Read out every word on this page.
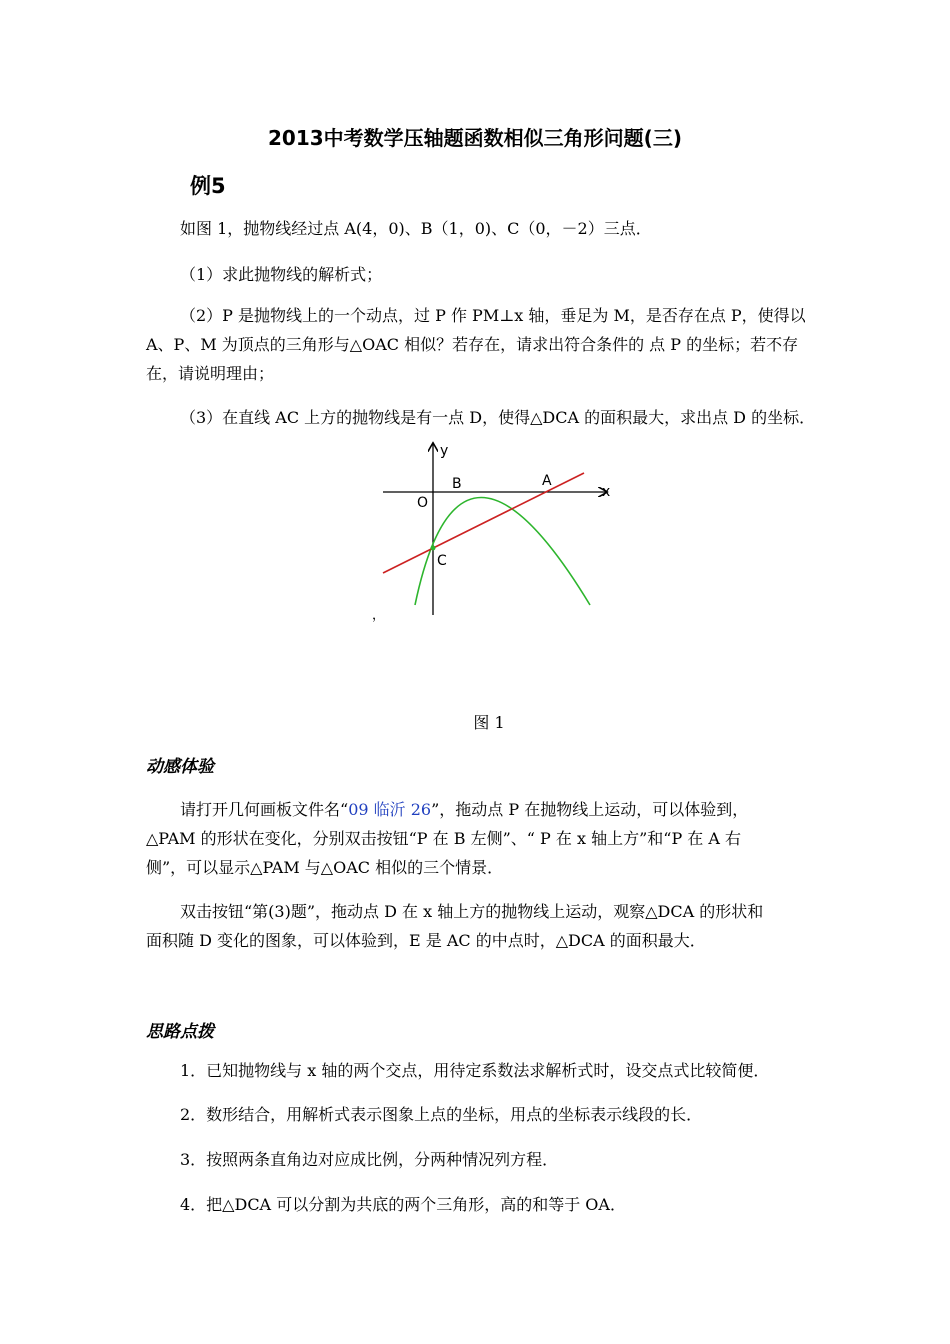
2013中考数学压轴题函数相似三角形问题(三)
例5
如图 1，抛物线经过点 A(4，0)、B（1，0)、C（0，－2）三点．
（1）求此抛物线的解析式；
（2）P 是抛物线上的一个动点，过 P 作 PM⊥x 轴，垂足为 M，是否存在点 P，使得以
A、P、M 为顶点的三角形与△OAC 相似？若存在，请求出符合条件的 点 P 的坐标；若不存
在，请说明理由；
（3）在直线 AC 上方的抛物线是有一点 D，使得△DCA 的面积最大，求出点 D 的坐标．
y
x
O
B	A
C
，
图 1
动感体验
请打开几何画板文件名“09 临沂 26”，拖动点 P 在抛物线上运动，可以体验到，
△PAM 的形状在变化，分别双击按钮“P 在 B 左侧”、“ P 在 x 轴上方”和“P 在 A 右
侧”，可以显示△PAM 与△OAC 相似的三个情景．
双击按钮“第(3)题”，拖动点 D 在 x 轴上方的抛物线上运动，观察△DCA 的形状和
面积随 D 变化的图象，可以体验到，E 是 AC 的中点时，△DCA 的面积最大．
思路点拨
1．已知抛物线与 x 轴的两个交点，用待定系数法求解析式时，设交点式比较简便．
2．数形结合，用解析式表示图象上点的坐标，用点的坐标表示线段的长．
3．按照两条直角边对应成比例，分两种情况列方程．
4．把△DCA 可以分割为共底的两个三角形，高的和等于 OA．
